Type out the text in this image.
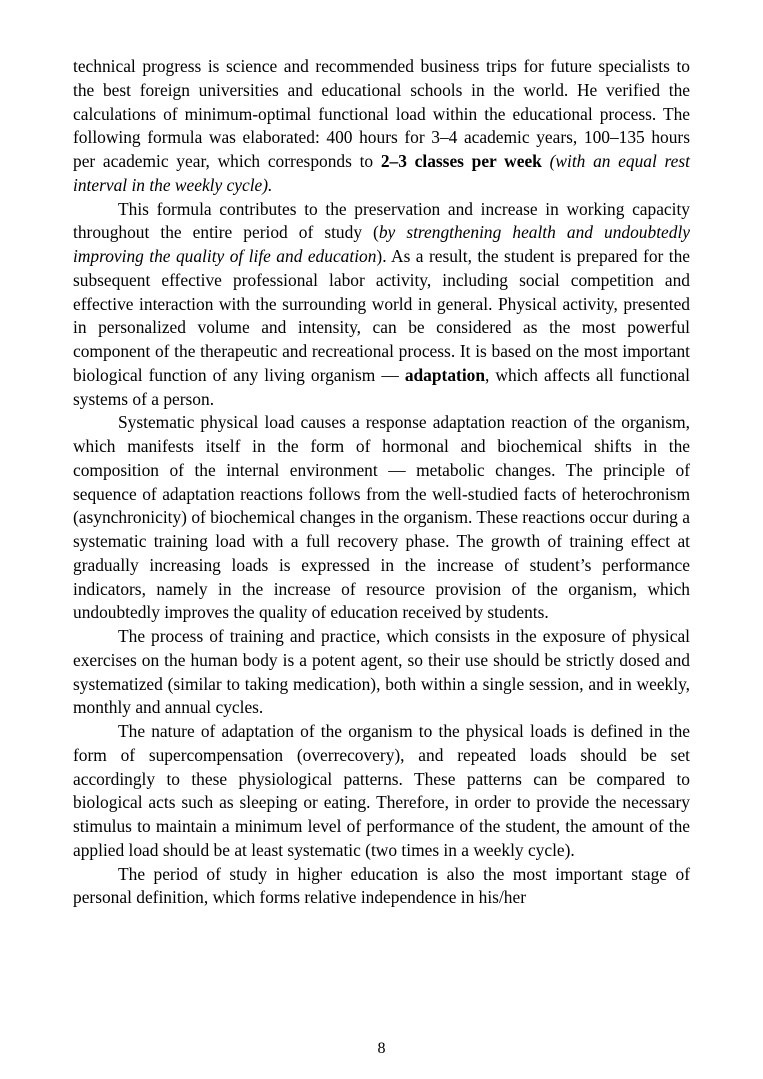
technical progress is science and recommended business trips for future specialists to the best foreign universities and educational schools in the world. He verified the calculations of minimum-optimal functional load within the educational process. The following formula was elaborated: 400 hours for 3–4 academic years, 100–135 hours per academic year, which corresponds to 2–3 classes per week (with an equal rest interval in the weekly cycle).

This formula contributes to the preservation and increase in working capacity throughout the entire period of study (by strengthening health and undoubtedly improving the quality of life and education). As a result, the student is prepared for the subsequent effective professional labor activity, including social competition and effective interaction with the surrounding world in general. Physical activity, presented in personalized volume and intensity, can be considered as the most powerful component of the therapeutic and recreational process. It is based on the most important biological function of any living organism — adaptation, which affects all functional systems of a person.

Systematic physical load causes a response adaptation reaction of the organism, which manifests itself in the form of hormonal and biochemical shifts in the composition of the internal environment — metabolic changes. The principle of sequence of adaptation reactions follows from the well-studied facts of heterochronism (asynchronicity) of biochemical changes in the organism. These reactions occur during a systematic training load with a full recovery phase. The growth of training effect at gradually increasing loads is expressed in the increase of student’s performance indicators, namely in the increase of resource provision of the organism, which undoubtedly improves the quality of education received by students.

The process of training and practice, which consists in the exposure of physical exercises on the human body is a potent agent, so their use should be strictly dosed and systematized (similar to taking medication), both within a single session, and in weekly, monthly and annual cycles.

The nature of adaptation of the organism to the physical loads is defined in the form of supercompensation (overrecovery), and repeated loads should be set accordingly to these physiological patterns. These patterns can be compared to biological acts such as sleeping or eating. Therefore, in order to provide the necessary stimulus to maintain a minimum level of performance of the student, the amount of the applied load should be at least systematic (two times in a weekly cycle).

The period of study in higher education is also the most important stage of personal definition, which forms relative independence in his/her

8
